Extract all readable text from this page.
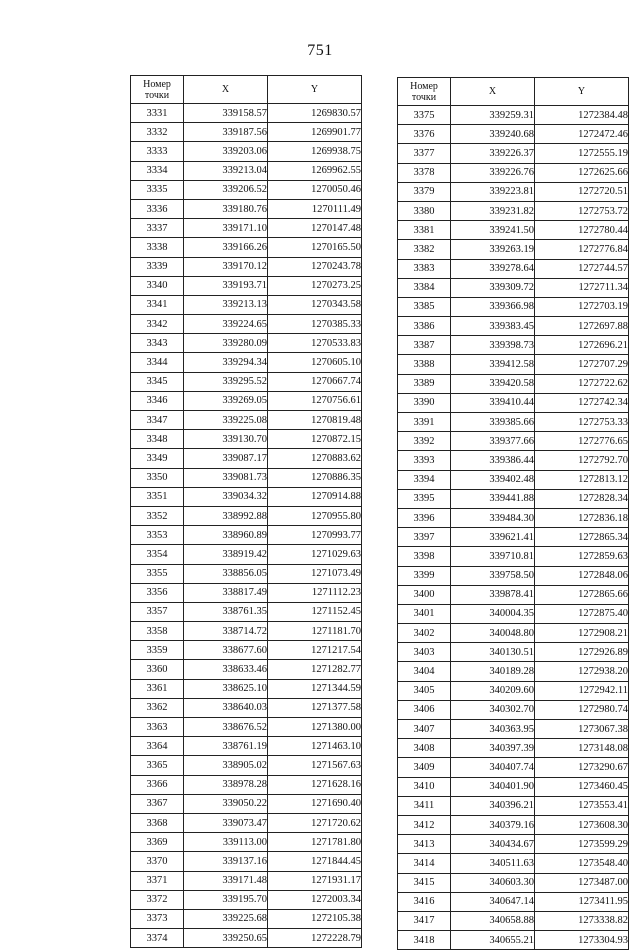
751
Номер
точки	X	Y
3331	339158.57	1269830.57
3332	339187.56	1269901.77
3333	339203.06	1269938.75
3334	339213.04	1269962.55
3335	339206.52	1270050.46
3336	339180.76	1270111.49
3337	339171.10	1270147.48
3338	339166.26	1270165.50
3339	339170.12	1270243.78
3340	339193.71	1270273.25
3341	339213.13	1270343.58
3342	339224.65	1270385.33
3343	339280.09	1270533.83
3344	339294.34	1270605.10
3345	339295.52	1270667.74
3346	339269.05	1270756.61
3347	339225.08	1270819.48
3348	339130.70	1270872.15
3349	339087.17	1270883.62
3350	339081.73	1270886.35
3351	339034.32	1270914.88
3352	338992.88	1270955.80
3353	338960.89	1270993.77
3354	338919.42	1271029.63
3355	338856.05	1271073.49
3356	338817.49	1271112.23
3357	338761.35	1271152.45
3358	338714.72	1271181.70
3359	338677.60	1271217.54
3360	338633.46	1271282.77
3361	338625.10	1271344.59
3362	338640.03	1271377.58
3363	338676.52	1271380.00
3364	338761.19	1271463.10
3365	338905.02	1271567.63
3366	338978.28	1271628.16
3367	339050.22	1271690.40
3368	339073.47	1271720.62
3369	339113.00	1271781.80
3370	339137.16	1271844.45
3371	339171.48	1271931.17
3372	339195.70	1272003.34
3373	339225.68	1272105.38
3374	339250.65	1272228.79
Номер
точки	X	Y
3375	339259.31	1272384.48
3376	339240.68	1272472.46
3377	339226.37	1272555.19
3378	339226.76	1272625.66
3379	339223.81	1272720.51
3380	339231.82	1272753.72
3381	339241.50	1272780.44
3382	339263.19	1272776.84
3383	339278.64	1272744.57
3384	339309.72	1272711.34
3385	339366.98	1272703.19
3386	339383.45	1272697.88
3387	339398.73	1272696.21
3388	339412.58	1272707.29
3389	339420.58	1272722.62
3390	339410.44	1272742.34
3391	339385.66	1272753.33
3392	339377.66	1272776.65
3393	339386.44	1272792.70
3394	339402.48	1272813.12
3395	339441.88	1272828.34
3396	339484.30	1272836.18
3397	339621.41	1272865.34
3398	339710.81	1272859.63
3399	339758.50	1272848.06
3400	339878.41	1272865.66
3401	340004.35	1272875.40
3402	340048.80	1272908.21
3403	340130.51	1272926.89
3404	340189.28	1272938.20
3405	340209.60	1272942.11
3406	340302.70	1272980.74
3407	340363.95	1273067.38
3408	340397.39	1273148.08
3409	340407.74	1273290.67
3410	340401.90	1273460.45
3411	340396.21	1273553.41
3412	340379.16	1273608.30
3413	340434.67	1273599.29
3414	340511.63	1273548.40
3415	340603.30	1273487.00
3416	340647.14	1273411.95
3417	340658.88	1273338.82
3418	340655.21	1273304.93
